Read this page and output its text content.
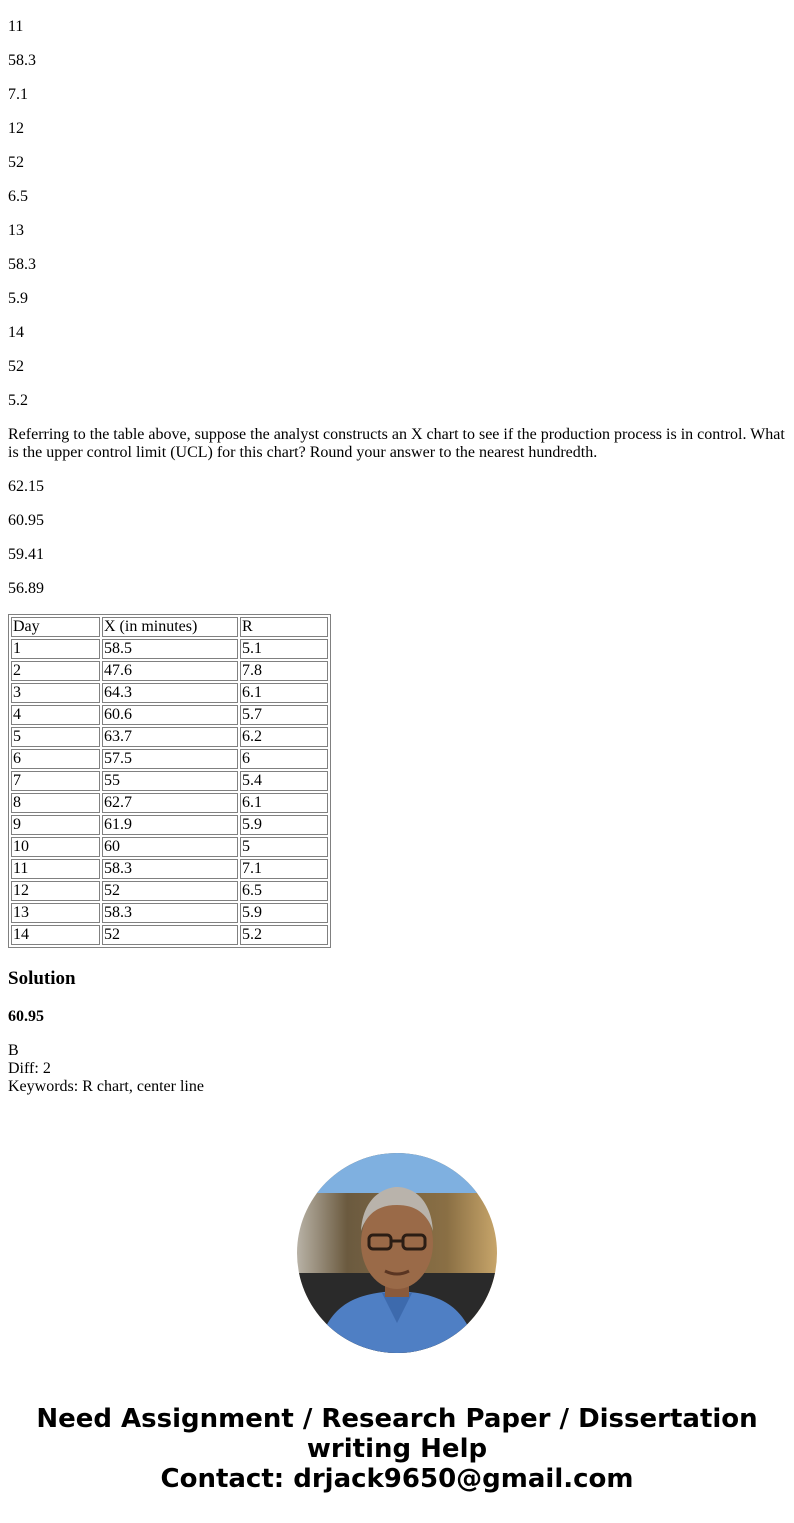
11

58.3

7.1

12

52

6.5

13

58.3

5.9

14

52

5.2

Referring to the table above, suppose the analyst constructs an X chart to see if the production process is in control. What is the upper control limit (UCL) for this chart? Round your answer to the nearest hundredth.

62.15

60.95

59.41

56.89

Day	X (in minutes)	R
1	58.5	5.1
2	47.6	7.8
3	64.3	6.1
4	60.6	5.7
5	63.7	6.2
6	57.5	6
7	55	5.4
8	62.7	6.1
9	61.9	5.9
10	60	5
11	58.3	7.1
12	52	6.5
13	58.3	5.9
14	52	5.2
Solution

60.95

B
Diff: 2
Keywords: R chart, center line

Need Assignment / Research Paper / Dissertation
writing Help
Contact: drjack9650@gmail.com
